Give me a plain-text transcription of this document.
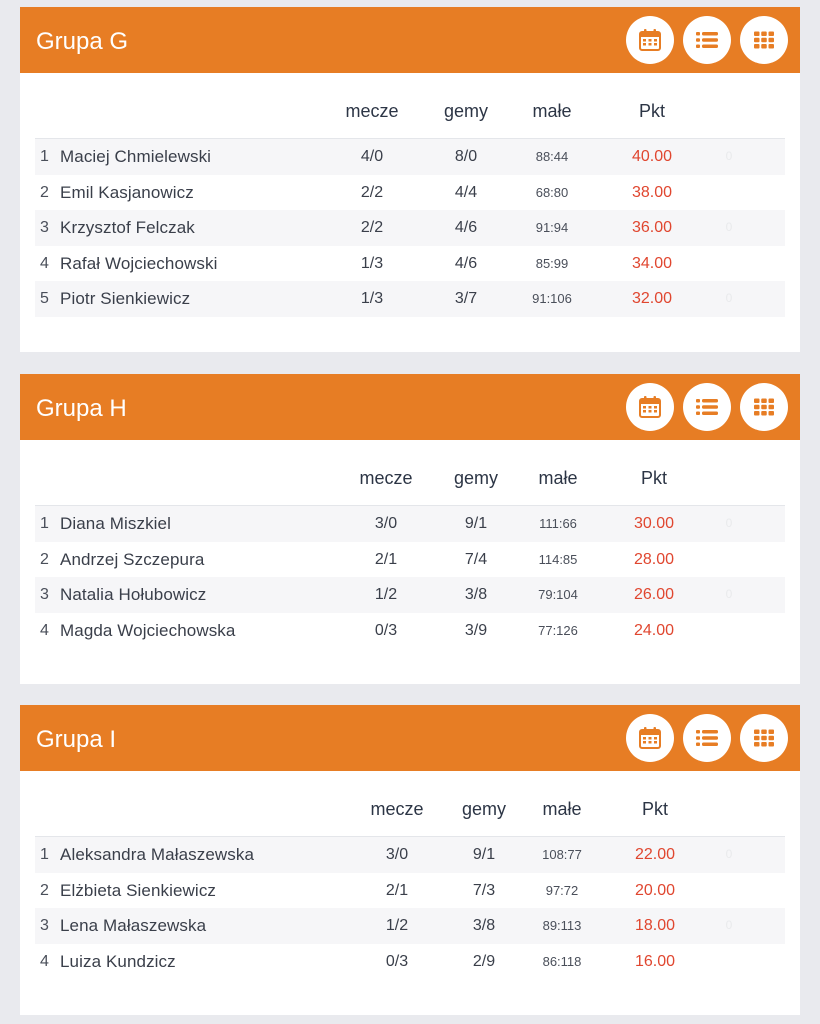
Grupa G
mecze	gemy	małe	Pkt
1 Maciej Chmielewski	4/0	8/0	88:44	40.00	0
2 Emil Kasjanowicz	2/2	4/4	68:80	38.00
3 Krzysztof Felczak	2/2	4/6	91:94	36.00	0
4 Rafał Wojciechowski	1/3	4/6	85:99	34.00
5 Piotr Sienkiewicz	1/3	3/7	91:106	32.00	0
Grupa H
mecze	gemy	małe	Pkt
1 Diana Miszkiel	3/0	9/1	111:66	30.00	0
2 Andrzej Szczepura	2/1	7/4	114:85	28.00
3 Natalia Hołubowicz	1/2	3/8	79:104	26.00	0
4 Magda Wojciechowska	0/3	3/9	77:126	24.00
Grupa I
mecze	gemy	małe	Pkt
1 Aleksandra Małaszewska	3/0	9/1	108:77	22.00	0
2 Elżbieta Sienkiewicz	2/1	7/3	97:72	20.00
3 Lena Małaszewska	1/2	3/8	89:113	18.00	0
4 Luiza Kundzicz	0/3	2/9	86:118	16.00
